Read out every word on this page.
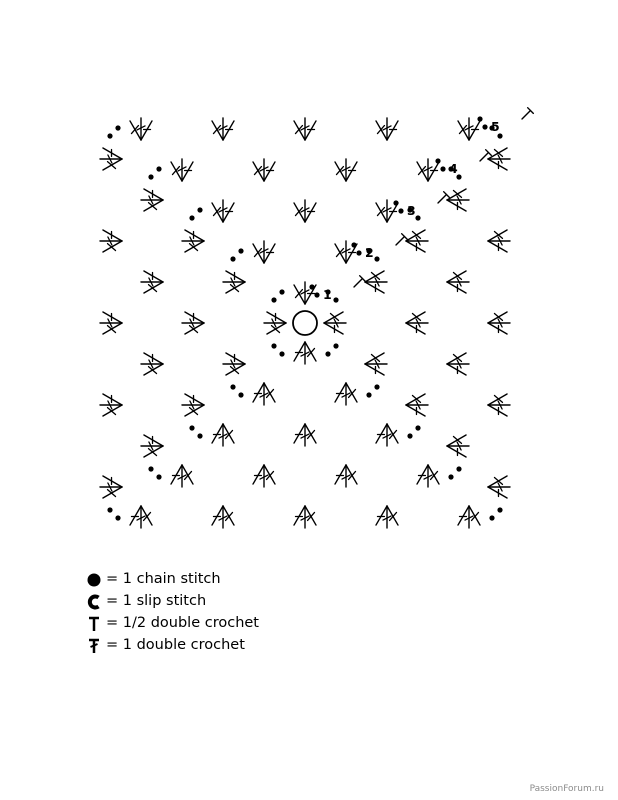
1
2
3
4
5
= 1 chain stitch
= 1 slip stitch
= 1/2 double crochet
= 1 double crochet
PassionForum.ru
